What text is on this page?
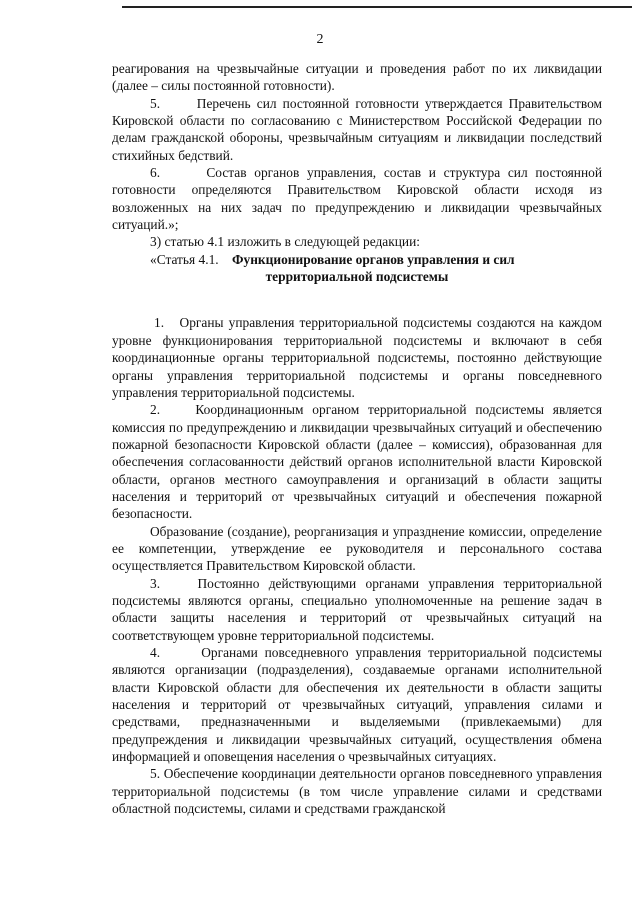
2

реагирования на чрезвычайные ситуации и проведения работ по их ликвидации (далее – силы постоянной готовности).

5.      Перечень сил постоянной готовности утверждается Правительством Кировской области по согласованию с Министерством Российской Федерации по делам гражданской обороны, чрезвычайным ситуациям и ликвидации последствий стихийных бедствий.

6.      Состав органов управления, состав и структура сил постоянной готовности определяются Правительством Кировской области исходя из возложенных на них задач по предупреждению и ликвидации чрезвычайных ситуаций.»;

3) статью 4.1 изложить в следующей редакции:

«Статья 4.1. Функционирование органов управления и сил

территориальной подсистемы

1.   Органы управления территориальной подсистемы создаются на каждом уровне функционирования территориальной подсистемы и включают в себя координационные органы территориальной подсистемы, постоянно действующие органы управления территориальной подсистемы и органы повседневного управления территориальной подсистемы.

2.    Координационным органом территориальной подсистемы является комиссия по предупреждению и ликвидации чрезвычайных ситуаций и обеспечению пожарной безопасности Кировской области (далее – комиссия), образованная для обеспечения согласованности действий органов исполнительной власти Кировской области, органов местного самоуправления и организаций в области защиты населения и территорий от чрезвычайных ситуаций и обеспечения пожарной безопасности.

Образование (создание), реорганизация и упразднение комиссии, определение ее компетенции, утверждение ее руководителя и персонального состава осуществляется Правительством Кировской области.

3.    Постоянно действующими органами управления территориальной подсистемы являются органы, специально уполномоченные на решение задач в области защиты населения и территорий от чрезвычайных ситуаций на соответствующем уровне территориальной подсистемы.

4.      Органами повседневного управления территориальной подсистемы являются организации (подразделения), создаваемые органами исполнительной власти Кировской области для обеспечения их деятельности в области защиты населения и территорий от чрезвычайных ситуаций, управления силами и средствами, предназначенными и выделяемыми (привлекаемыми) для предупреждения и ликвидации чрезвычайных ситуаций, осуществления обмена информацией и оповещения населения о чрезвычайных ситуациях.

5. Обеспечение координации деятельности органов повседневного управления территориальной подсистемы (в том числе управление силами и средствами областной подсистемы, силами и средствами гражданской
